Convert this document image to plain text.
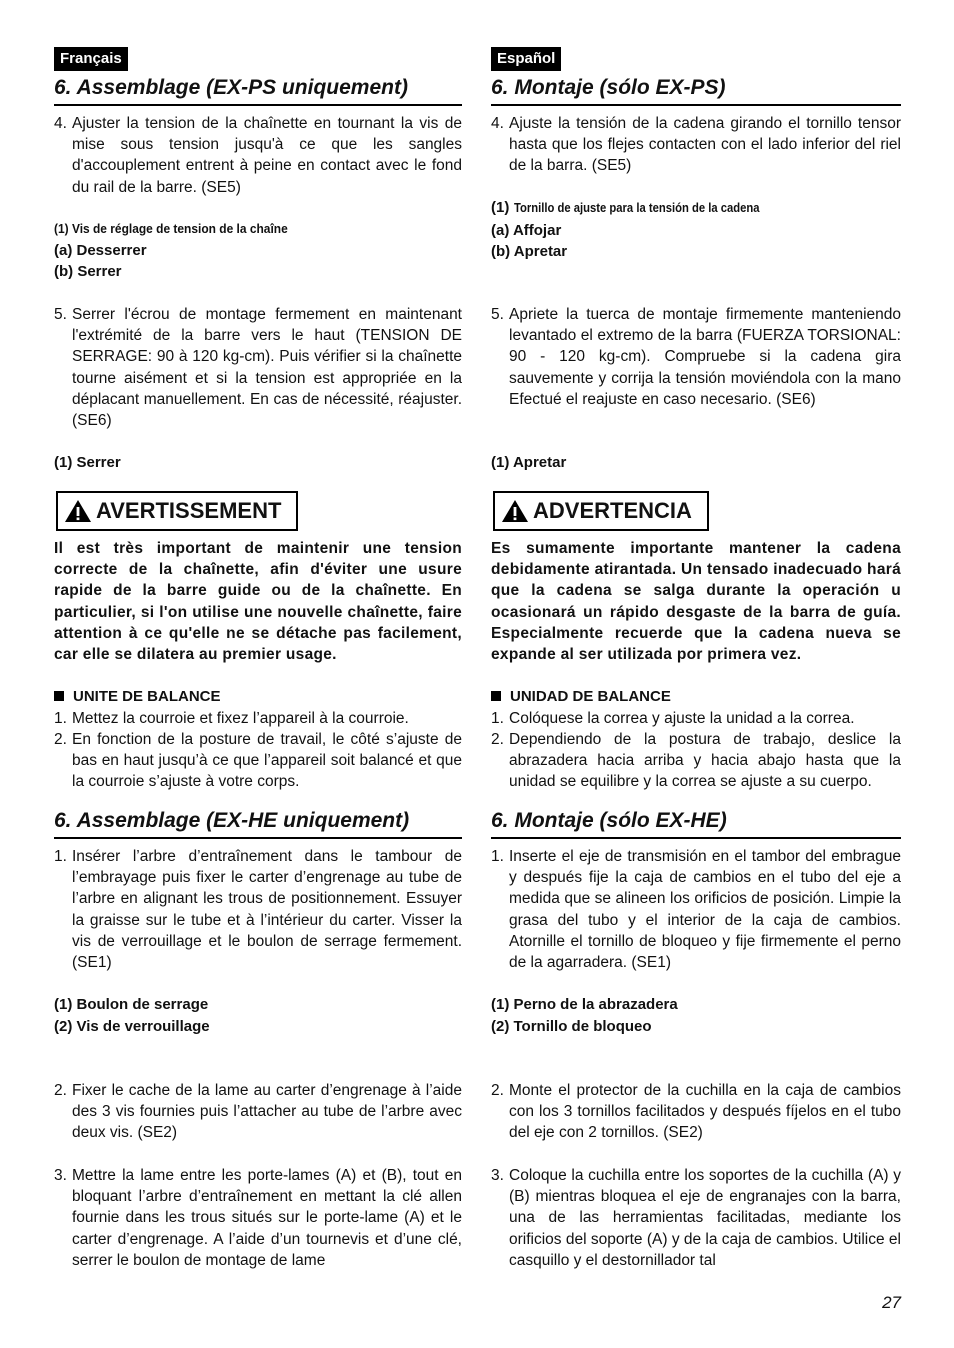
Français
6. Assemblage (EX-PS uniquement)
4. Ajuster la tension de la chaînette en tournant la vis de mise sous tension jusqu'à ce que les sangles d'accouplement entrent à peine en contact avec le fond du rail de la barre. (SE5)
(1) Vis de réglage de tension de la chaîne
(a) Desserrer
(b) Serrer
5. Serrer l'écrou de montage fermement en maintenant l'extrémité de la barre vers le haut (TENSION DE SERRAGE: 90 à 120 kg-cm). Puis vérifier si la chaînette tourne aisément et si la tension est appropriée en la déplacant manuellement. En cas de nécessité, réajuster. (SE6)
(1) Serrer
AVERTISSEMENT
Il est très important de maintenir une tension correcte de la chaînette, afin d'éviter une usure rapide de la barre guide ou de la chaînette. En particulier, si l'on utilise une nouvelle chaînette, faire attention à ce qu'elle ne se détache pas facilement, car elle se dilatera au premier usage.
UNITE DE BALANCE
1. Mettez la courroie et fixez l’appareil à la courroie.
2. En fonction de la posture de travail, le côté s’ajuste de bas en haut jusqu’à ce que l’appareil soit balancé et que la courroie s’ajuste à votre corps.
6. Assemblage (EX-HE uniquement)
1. Insérer l’arbre d’entraînement dans le tambour de l’embrayage puis fixer le carter d’engrenage au tube de l’arbre en alignant les trous de positionnement. Essuyer la graisse sur le tube et à l’intérieur du carter. Visser la vis de verrouillage et le boulon de serrage fermement. (SE1)
(1) Boulon de serrage
(2) Vis de verrouillage
2. Fixer le cache de la lame au carter d’engrenage à l’aide des 3 vis fournies puis l’attacher au tube de l’arbre avec deux vis. (SE2)
3. Mettre la lame entre les porte-lames (A) et (B), tout en bloquant l’arbre d’entraînement en mettant la clé allen fournie dans les trous situés sur le porte-lame (A) et le carter d’engrenage. A l’aide d’un tournevis et d’une clé, serrer le boulon de montage de lame
Español
6. Montaje (sólo EX-PS)
4. Ajuste la tensión de la cadena girando el tornillo tensor hasta que los flejes contacten con el lado inferior del riel de la barra. (SE5)
(1) Tornillo de ajuste para la tensión de la cadena
(a) Affojar
(b) Apretar
5. Apriete la tuerca de montaje firmemente manteniendo levantado el extremo de la barra (FUERZA TORSIONAL: 90 - 120 kg-cm). Compruebe si la cadena gira sauvemente y corrija la tensión moviéndola con la mano Efectué el reajuste en caso necesario. (SE6)
(1) Apretar
ADVERTENCIA
Es sumamente importante mantener la cadena debidamente atirantada. Un tensado inadecuado hará que la cadena se salga durante la operación u ocasionará un rápido desgaste de la barra de guía. Especialmente recuerde que la cadena nueva se expande al ser utilizada por primera vez.
UNIDAD DE BALANCE
1. Colóquese la correa y ajuste la unidad a la correa.
2. Dependiendo de la postura de trabajo, deslice la abrazadera hacia arriba y hacia abajo hasta que la unidad se equilibre y la correa se ajuste a su cuerpo.
6. Montaje (sólo EX-HE)
1. Inserte el eje de transmisión en el tambor del embrague y después fije la caja de cambios en el tubo del eje a medida que se alineen los orificios de posición. Limpie la grasa del tubo y el interior de la caja de cambios. Atornille el tornillo de bloqueo y fije firmemente el perno de la agarradera. (SE1)
(1) Perno de la abrazadera
(2) Tornillo de bloqueo
2. Monte el protector de la cuchilla en la caja de cambios con los 3 tornillos facilitados y después fíjelos en el tubo del eje con 2 tornillos. (SE2)
3. Coloque la cuchilla entre los soportes de la cuchilla (A) y (B) mientras bloquea el eje de engranajes con la barra, una de las herramientas facilitadas, mediante los orificios del soporte (A) y de la caja de cambios. Utilice el casquillo y el destornillador tal
27
